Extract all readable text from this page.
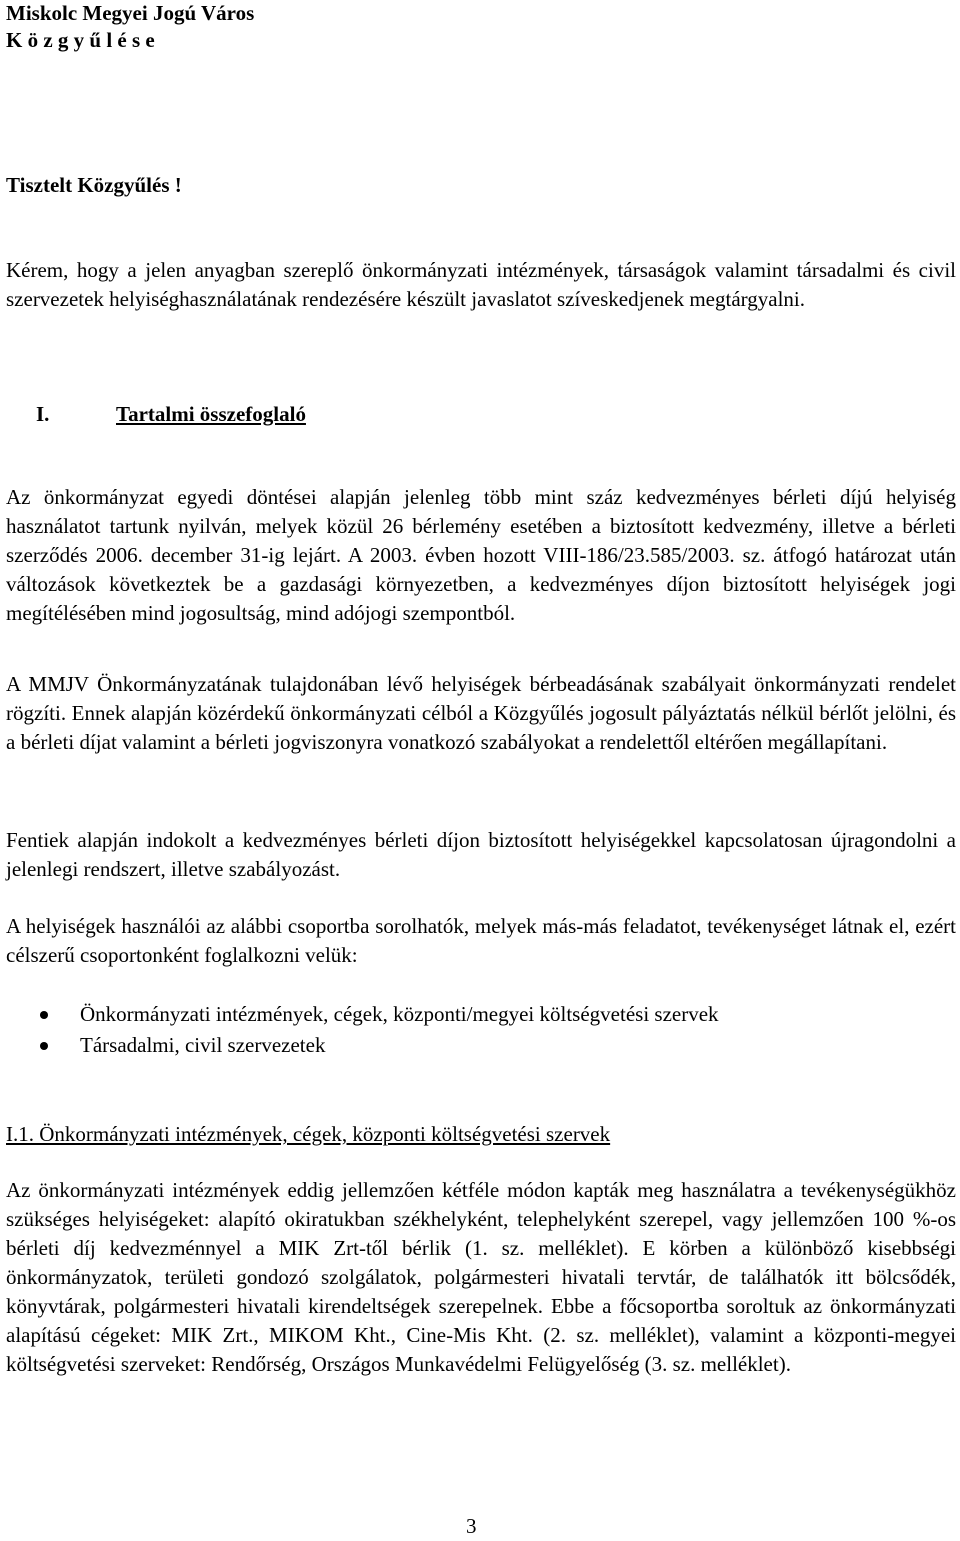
Miskolc Megyei Jogú Város
K ö z g y ű l é s e
Tisztelt Közgyűlés !

Kérem, hogy a jelen anyagban szereplő önkormányzati intézmények, társaságok valamint társadalmi és civil szervezetek helyiséghasználatának rendezésére készült javaslatot szíveskedjenek megtárgyalni.

I.	Tartalmi összefoglaló

Az önkormányzat egyedi döntései alapján jelenleg több mint száz kedvezményes bérleti díjú helyiség használatot tartunk nyilván, melyek közül 26 bérlemény esetében a biztosított kedvezmény, illetve a bérleti szerződés 2006. december 31-ig lejárt. A 2003. évben hozott VIII-186/23.585/2003. sz. átfogó határozat után változások következtek be a gazdasági környezetben, a kedvezményes díjon biztosított helyiségek jogi megítélésében mind jogosultság, mind adójogi szempontból.

A MMJV Önkormányzatának tulajdonában lévő helyiségek bérbeadásának szabályait önkormányzati rendelet rögzíti. Ennek alapján közérdekű önkormányzati célból a Közgyűlés jogosult pályáztatás nélkül bérlőt jelölni, és a bérleti díjat valamint a bérleti jogviszonyra vonatkozó szabályokat a rendelettől eltérően megállapítani.

Fentiek alapján indokolt a kedvezményes bérleti díjon biztosított helyiségekkel kapcsolatosan újragondolni a jelenlegi rendszert, illetve szabályozást.

A helyiségek használói az alábbi csoportba sorolhatók, melyek más-más feladatot, tevékenységet látnak el, ezért célszerű csoportonként foglalkozni velük:

Önkormányzati intézmények, cégek, központi/megyei költségvetési szervek
Társadalmi, civil szervezetek
I.1. Önkormányzati intézmények, cégek, központi költségvetési szervek

Az önkormányzati intézmények eddig jellemzően kétféle módon kapták meg használatra a tevékenységükhöz szükséges helyiségeket: alapító okiratukban székhelyként, telephelyként szerepel, vagy jellemzően 100 %-os bérleti díj kedvezménnyel a MIK Zrt-től bérlik (1. sz. melléklet). E körben a különböző kisebbségi önkormányzatok, területi gondozó szolgálatok, polgármesteri hivatali tervtár, de találhatók itt bölcsődék, könyvtárak, polgármesteri hivatali kirendeltségek szerepelnek. Ebbe a főcsoportba soroltuk az önkormányzati alapítású cégeket: MIK Zrt., MIKOM Kht., Cine-Mis Kht. (2. sz. melléklet), valamint a központi-megyei költségvetési szerveket: Rendőrség, Országos Munkavédelmi Felügyelőség (3. sz. melléklet).

3
